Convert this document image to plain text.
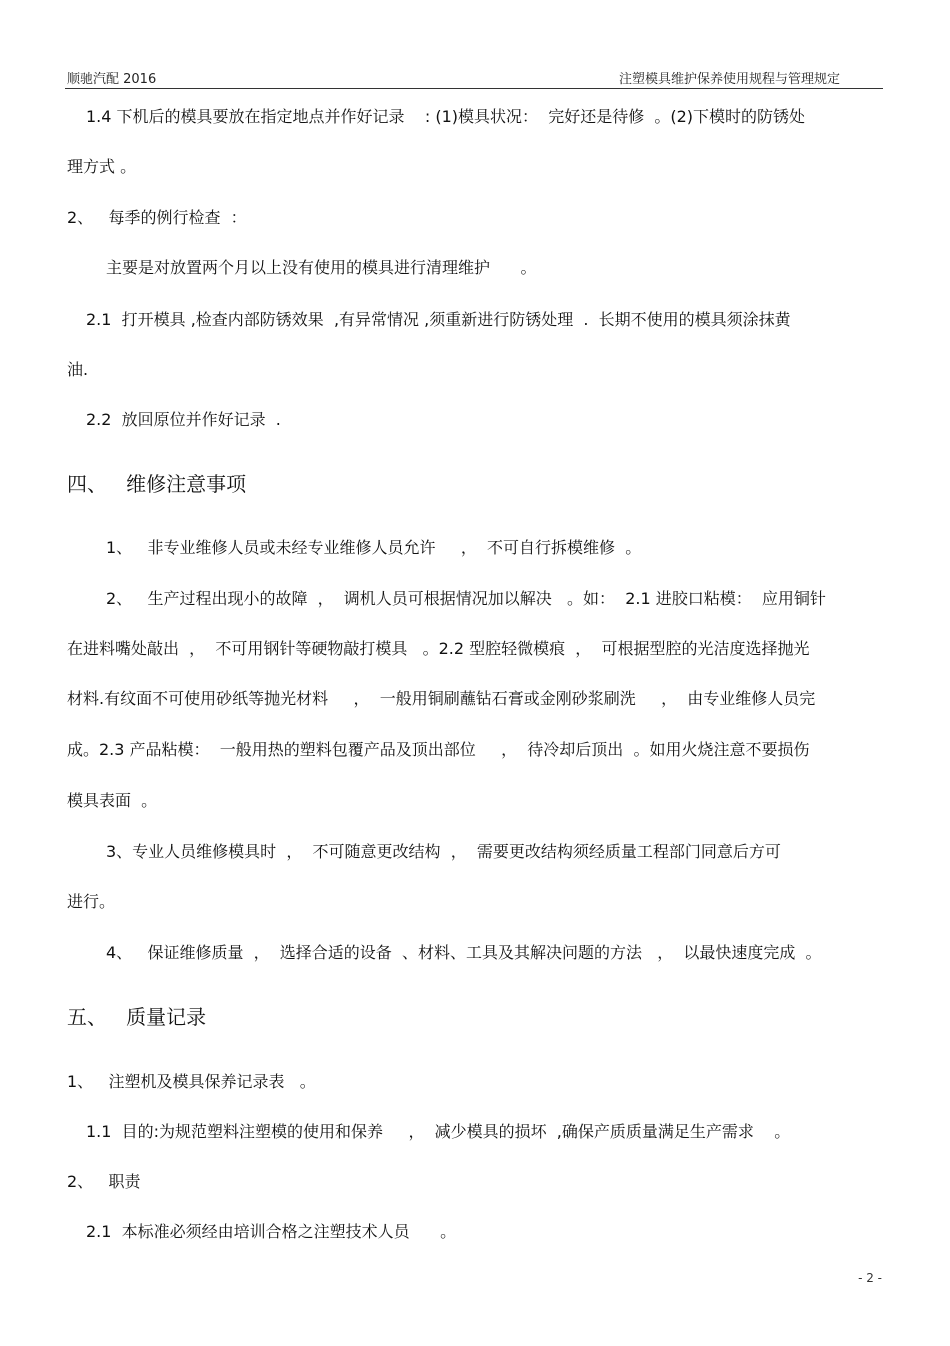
顺驰汽配 2016	注塑模具维护保养使用规程与管理规定
1.4 下机后的模具要放在指定地点并作好记录    : (1)模具状况：  完好还是待修  。(2)下模时的防锈处
理方式 。
2、   每季的例行检查  ：
主要是对放置两个月以上没有使用的模具进行清理维护      。
2.1  打开模具 ,检查内部防锈效果  ,有异常情况 ,须重新进行防锈处理  .  长期不使用的模具须涂抹黄
油.
2.2  放回原位并作好记录  .
四、   维修注意事项
1、   非专业维修人员或未经专业维修人员允许     ，  不可自行拆模维修  。
2、   生产过程出现小的故障  ，  调机人员可根据情况加以解决   。如：  2.1 进胶口粘模：  应用铜针
在进料嘴处敲出  ，  不可用钢针等硬物敲打模具   。2.2 型腔轻微模痕  ，  可根据型腔的光洁度选择抛光
材料.有纹面不可使用砂纸等抛光材料     ，  一般用铜刷蘸钻石膏或金刚砂浆刷洗     ，  由专业维修人员完
成。2.3 产品粘模：  一般用热的塑料包覆产品及顶出部位     ，  待冷却后顶出  。如用火烧注意不要损伤
模具表面  。
3、专业人员维修模具时  ，  不可随意更改结构  ，  需要更改结构须经质量工程部门同意后方可
进行。
4、   保证维修质量  ，  选择合适的设备  、材料、工具及其解决问题的方法   ，  以最快速度完成  。
五、   质量记录
1、   注塑机及模具保养记录表   。
1.1  目的:为规范塑料注塑模的使用和保养     ，  减少模具的损坏  ,确保产质质量满足生产需求    。
2、   职责
2.1  本标准必须经由培训合格之注塑技术人员      。
- 2 -
